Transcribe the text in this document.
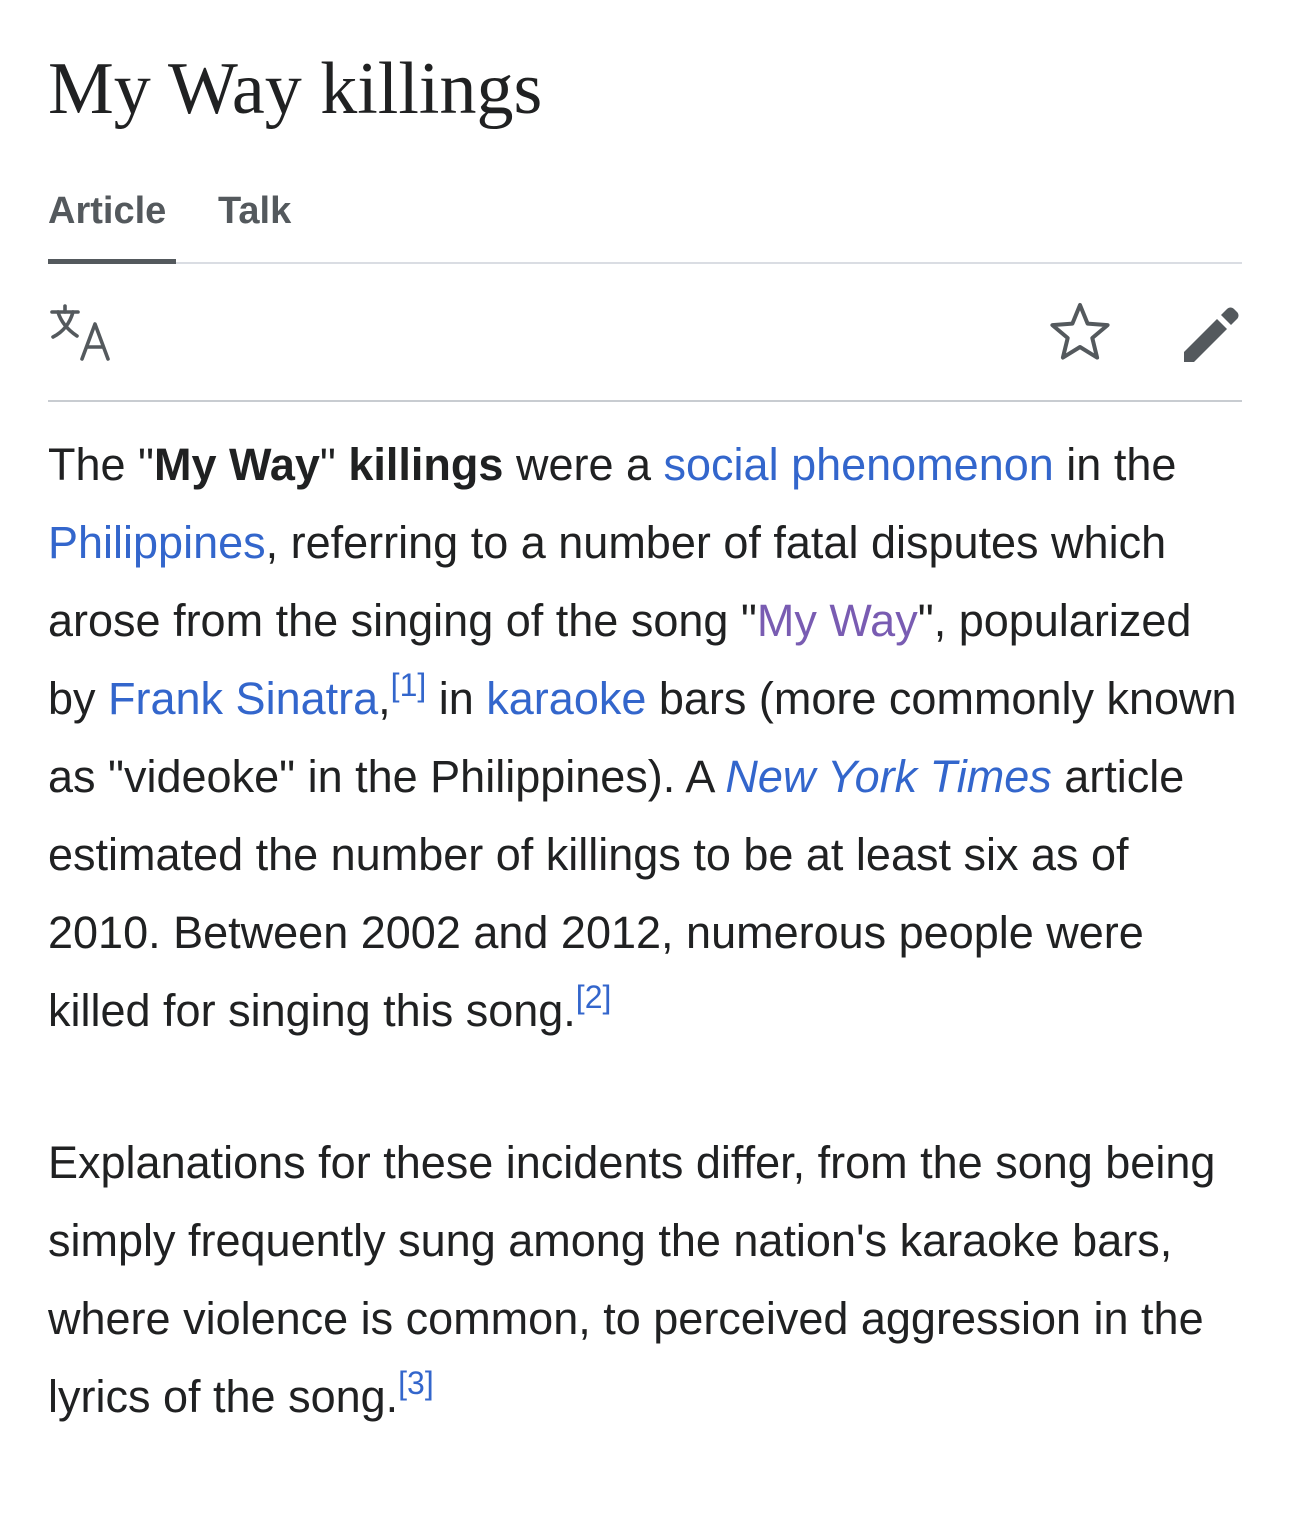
My Way killings
Article Talk

The "My Way" killings were a social phenomenon in the Philippines, referring to a number of fatal disputes which arose from the singing of the song "My Way", popularized by Frank Sinatra,[1] in karaoke bars (more commonly known as "videoke" in the Philippines). A New York Times article estimated the number of killings to be at least six as of 2010. Between 2002 and 2012, numerous people were killed for singing this song.[2]

Explanations for these incidents differ, from the song being simply frequently sung among the nation's karaoke bars, where violence is common, to perceived aggression in the lyrics of the song.[3]
